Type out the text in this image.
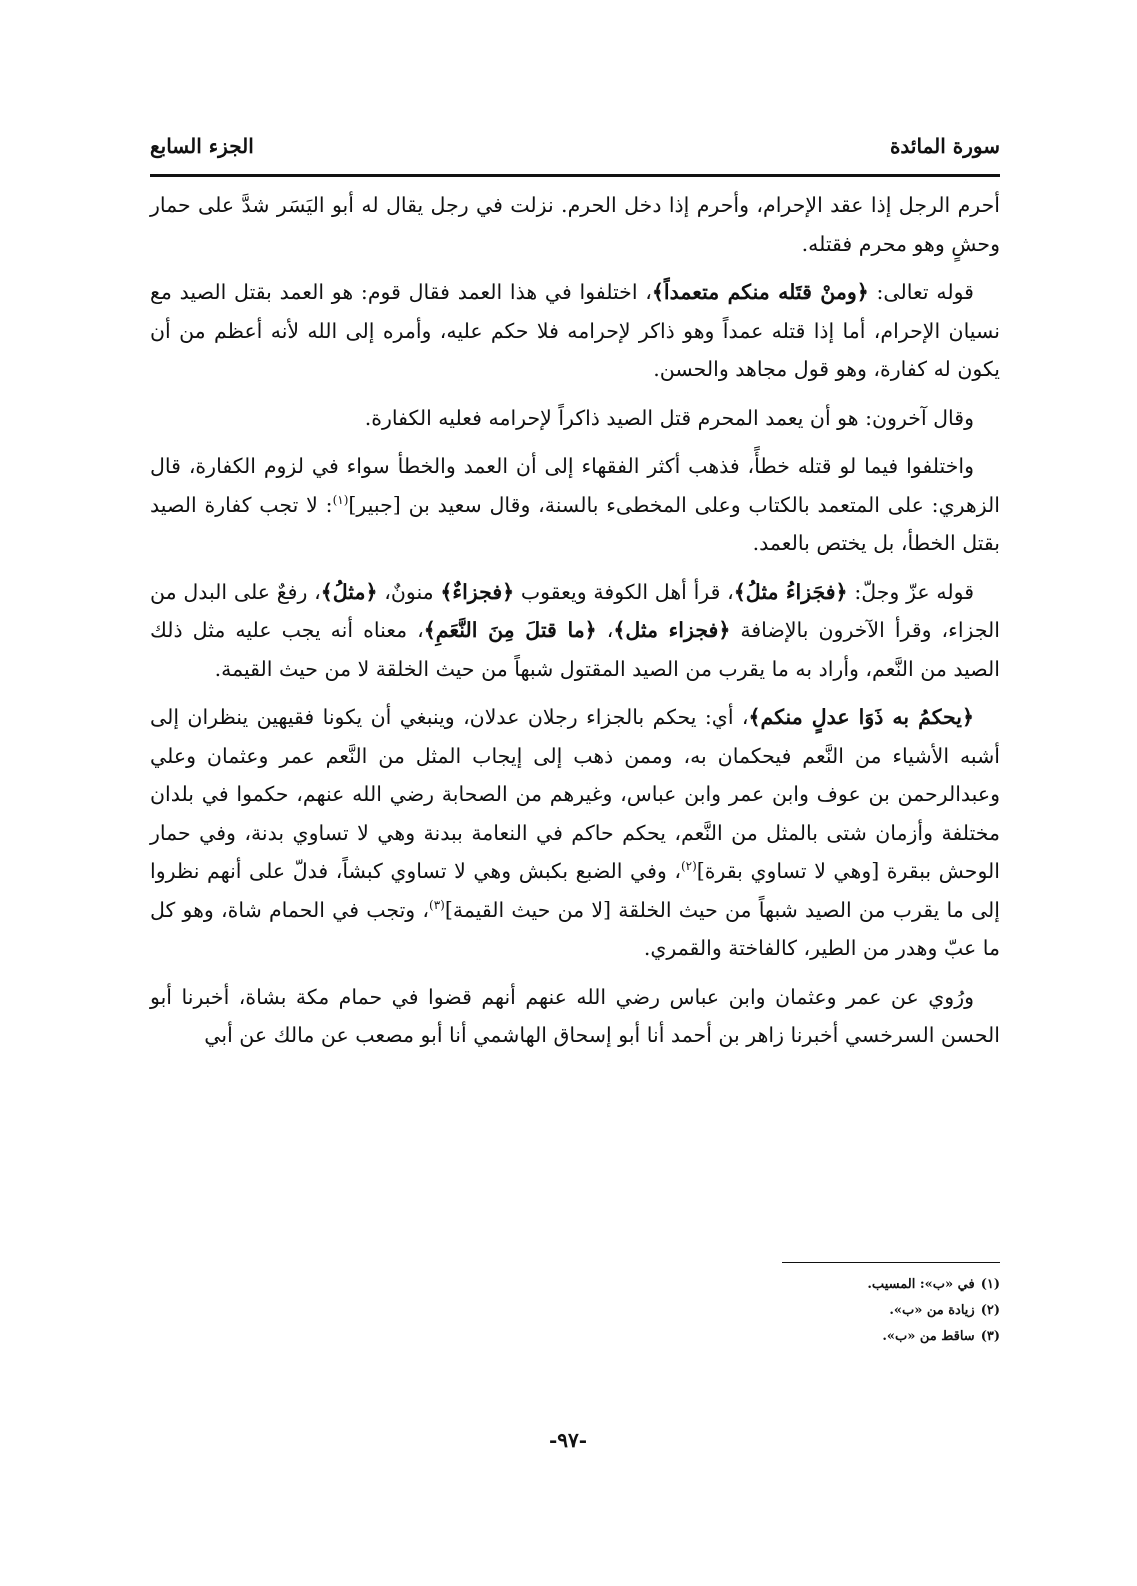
سورة المائدة
الجزء السابع

أحرم الرجل إذا عقد الإحرام، وأحرم إذا دخل الحرم. نزلت في رجل يقال له أبو اليَسَر شدَّ على حمار وحشٍ وهو محرم فقتله.

قوله تعالى: ﴿ومنْ قتَله منكم متعمداً﴾، اختلفوا في هذا العمد فقال قوم: هو العمد بقتل الصيد مع نسيان الإحرام، أما إذا قتله عمداً وهو ذاكر لإحرامه فلا حكم عليه، وأمره إلى الله لأنه أعظم من أن يكون له كفارة، وهو قول مجاهد والحسن.

وقال آخرون: هو أن يعمد المحرم قتل الصيد ذاكراً لإحرامه فعليه الكفارة.

واختلفوا فيما لو قتله خطأً، فذهب أكثر الفقهاء إلى أن العمد والخطأ سواء في لزوم الكفارة، قال الزهري: على المتعمد بالكتاب وعلى المخطىء بالسنة، وقال سعيد بن [جبير]$^{(١)}$: لا تجب كفارة الصيد بقتل الخطأ، بل يختص بالعمد.

قوله عزّ وجلّ: ﴿فجَزاءُ مثلُ﴾، قرأ أهل الكوفة ويعقوب ﴿فجزاءٌ﴾ منونٌ، ﴿مثلُ﴾، رفعٌ على البدل من الجزاء، وقرأ الآخرون بالإضافة ﴿فجزاء مثل﴾، ﴿ما قتلَ مِنَ النَّعَمِ﴾، معناه أنه يجب عليه مثل ذلك الصيد من النَّعم، وأراد به ما يقرب من الصيد المقتول شبهاً من حيث الخلقة لا من حيث القيمة.

﴿يحكمُ به ذَوَا عدلٍ منكم﴾، أي: يحكم بالجزاء رجلان عدلان، وينبغي أن يكونا فقيهين ينظران إلى أشبه الأشياء من النَّعم فيحكمان به، وممن ذهب إلى إيجاب المثل من النَّعم عمر وعثمان وعلي وعبدالرحمن بن عوف وابن عمر وابن عباس، وغيرهم من الصحابة رضي الله عنهم، حكموا في بلدان مختلفة وأزمان شتى بالمثل من النَّعم، يحكم حاكم في النعامة ببدنة وهي لا تساوي بدنة، وفي حمار الوحش ببقرة [وهي لا تساوي بقرة]$^{(٢)}$، وفي الضبع بكبش وهي لا تساوي كبشاً، فدلّ على أنهم نظروا إلى ما يقرب من الصيد شبهاً من حيث الخلقة [لا من حيث القيمة]$^{(٣)}$، وتجب في الحمام شاة، وهو كل ما عبّ وهدر من الطير، كالفاختة والقمري.

ورُوي عن عمر وعثمان وابن عباس رضي الله عنهم أنهم قضوا في حمام مكة بشاة، أخبرنا أبو الحسن السرخسي أخبرنا زاهر بن أحمد أنا أبو إسحاق الهاشمي أنا أبو مصعب عن مالك عن أبي

(١)في «ب»: المسيب.
(٢)زيادة من «ب».
(٣)ساقط من «ب».
-٩٧-
